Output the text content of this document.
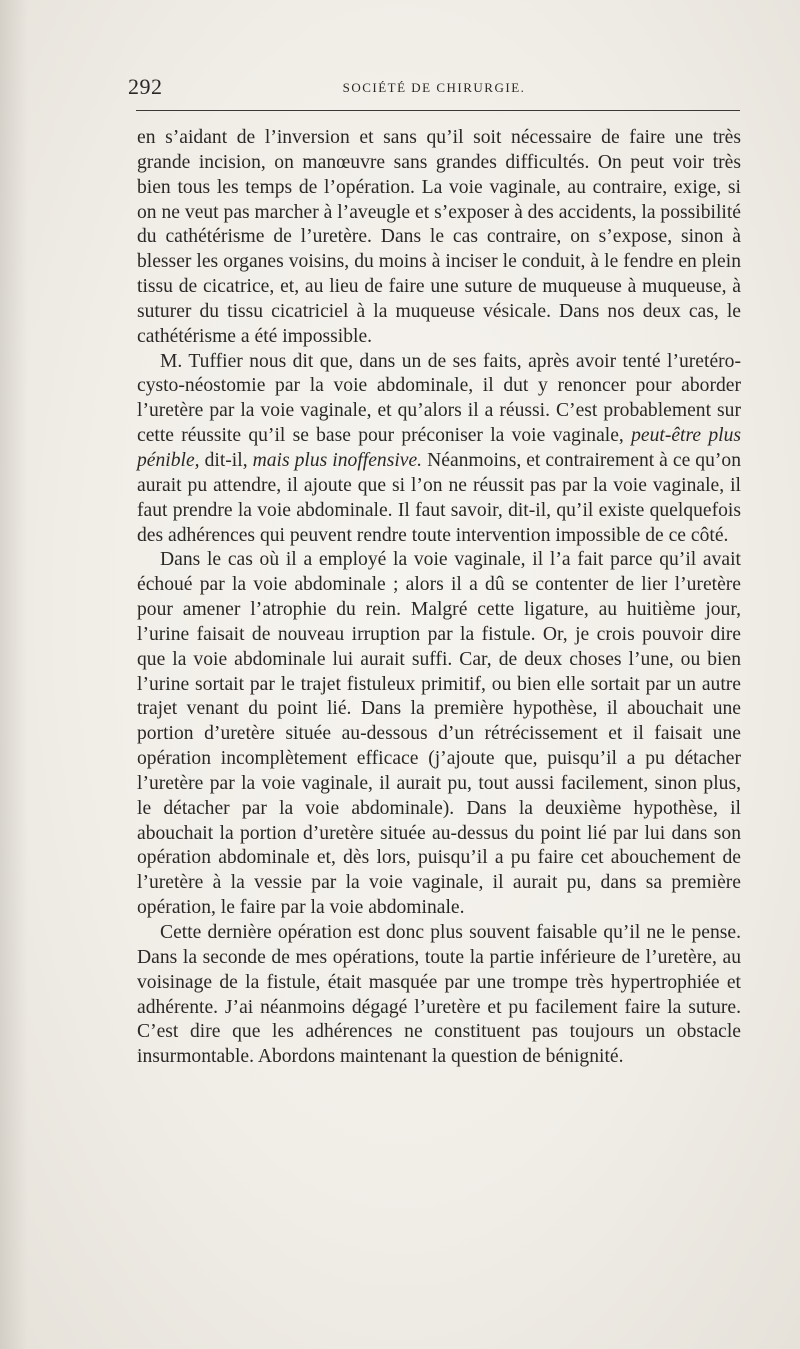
292	SOCIÉTÉ DE CHIRURGIE.

en s’aidant de l’inversion et sans qu’il soit nécessaire de faire une très grande incision, on manœuvre sans grandes difficultés. On peut voir très bien tous les temps de l’opération. La voie vaginale, au contraire, exige, si on ne veut pas marcher à l’aveugle et s’exposer à des accidents, la possibilité du cathétérisme de l’uretère. Dans le cas contraire, on s’expose, sinon à blesser les organes voisins, du moins à inciser le conduit, à le fendre en plein tissu de cicatrice, et, au lieu de faire une suture de muqueuse à muqueuse, à suturer du tissu cicatriciel à la muqueuse vésicale. Dans nos deux cas, le cathétérisme a été impossible.

M. Tuffier nous dit que, dans un de ses faits, après avoir tenté l’uretéro-cysto-néostomie par la voie abdominale, il dut y renoncer pour aborder l’uretère par la voie vaginale, et qu’alors il a réussi. C’est probablement sur cette réussite qu’il se base pour préconiser la voie vaginale, peut-être plus pénible, dit-il, mais plus inoffensive. Néanmoins, et contrairement à ce qu’on aurait pu attendre, il ajoute que si l’on ne réussit pas par la voie vaginale, il faut prendre la voie abdominale. Il faut savoir, dit-il, qu’il existe quelquefois des adhérences qui peuvent rendre toute intervention impossible de ce côté.

Dans le cas où il a employé la voie vaginale, il l’a fait parce qu’il avait échoué par la voie abdominale ; alors il a dû se contenter de lier l’uretère pour amener l’atrophie du rein. Malgré cette ligature, au huitième jour, l’urine faisait de nouveau irruption par la fistule. Or, je crois pouvoir dire que la voie abdominale lui aurait suffi. Car, de deux choses l’une, ou bien l’urine sortait par le trajet fistuleux primitif, ou bien elle sortait par un autre trajet venant du point lié. Dans la première hypothèse, il abouchait une portion d’uretère située au-dessous d’un rétrécissement et il faisait une opération incomplètement efficace (j’ajoute que, puisqu’il a pu détacher l’uretère par la voie vaginale, il aurait pu, tout aussi facilement, sinon plus, le détacher par la voie abdominale). Dans la deuxième hypothèse, il abouchait la portion d’uretère située au-dessus du point lié par lui dans son opération abdominale et, dès lors, puisqu’il a pu faire cet abouchement de l’uretère à la vessie par la voie vaginale, il aurait pu, dans sa première opération, le faire par la voie abdominale.

Cette dernière opération est donc plus souvent faisable qu’il ne le pense. Dans la seconde de mes opérations, toute la partie inférieure de l’uretère, au voisinage de la fistule, était masquée par une trompe très hypertrophiée et adhérente. J’ai néanmoins dégagé l’uretère et pu facilement faire la suture. C’est dire que les adhérences ne constituent pas toujours un obstacle insurmontable. Abordons maintenant la question de bénignité.
